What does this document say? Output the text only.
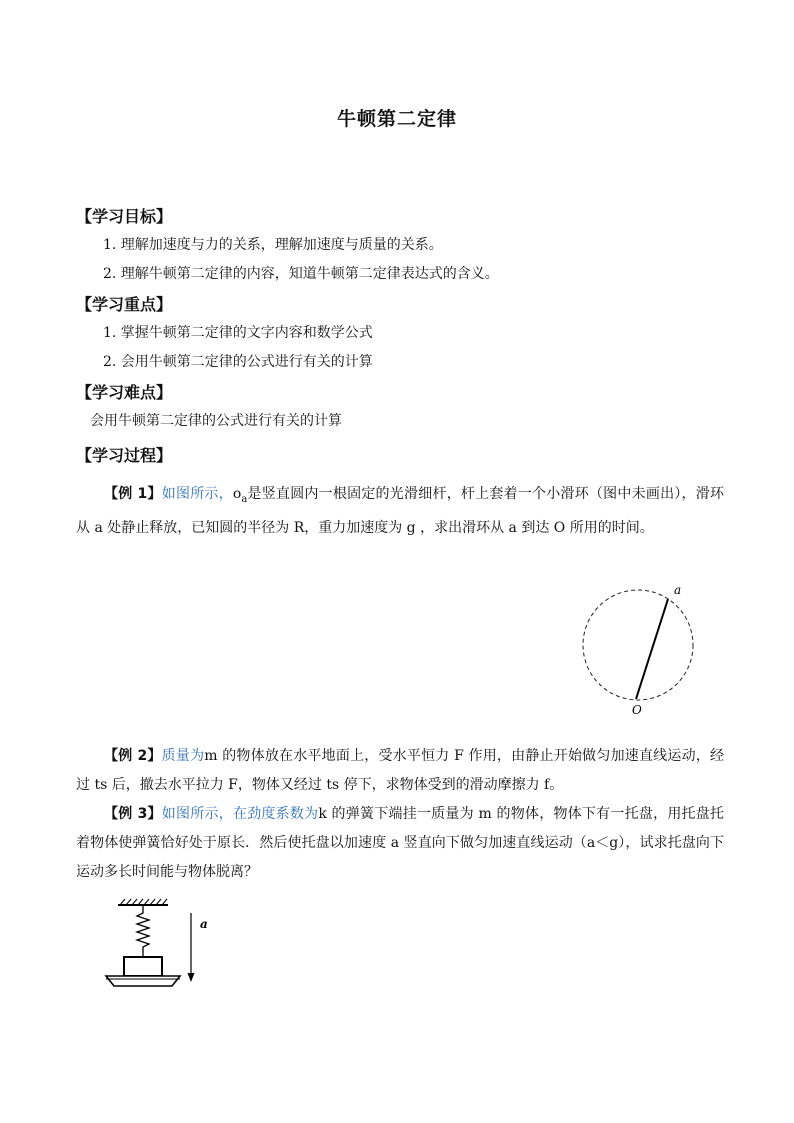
牛顿第二定律
【学习目标】
1. 理解加速度与力的关系，理解加速度与质量的关系。
2. 理解牛顿第二定律的内容，知道牛顿第二定律表达式的含义。
【学习重点】
1. 掌握牛顿第二定律的文字内容和数学公式
2. 会用牛顿第二定律的公式进行有关的计算
【学习难点】
会用牛顿第二定律的公式进行有关的计算
【学习过程】
【例 1】如图所示，$o_a$是竖直圆内一根固定的光滑细杆，杆上套着一个小滑环（图中未画出），滑环从 a 处静止释放，已知圆的半径为 R，重力加速度为 g ，求出滑环从 a 到达 O 所用的时间。
a
O
【例 2】质量为m 的物体放在水平地面上，受水平恒力 F 作用，由静止开始做匀加速直线运动，经过 ts 后，撤去水平拉力 F，物体又经过 ts 停下，求物体受到的滑动摩擦力 f。
【例 3】如图所示，在劲度系数为k 的弹簧下端挂一质量为 m 的物体，物体下有一托盘，用托盘托着物体使弹簧恰好处于原长．然后使托盘以加速度 a 竖直向下做匀加速直线运动（a＜g），试求托盘向下运动多长时间能与物体脱离？
a
